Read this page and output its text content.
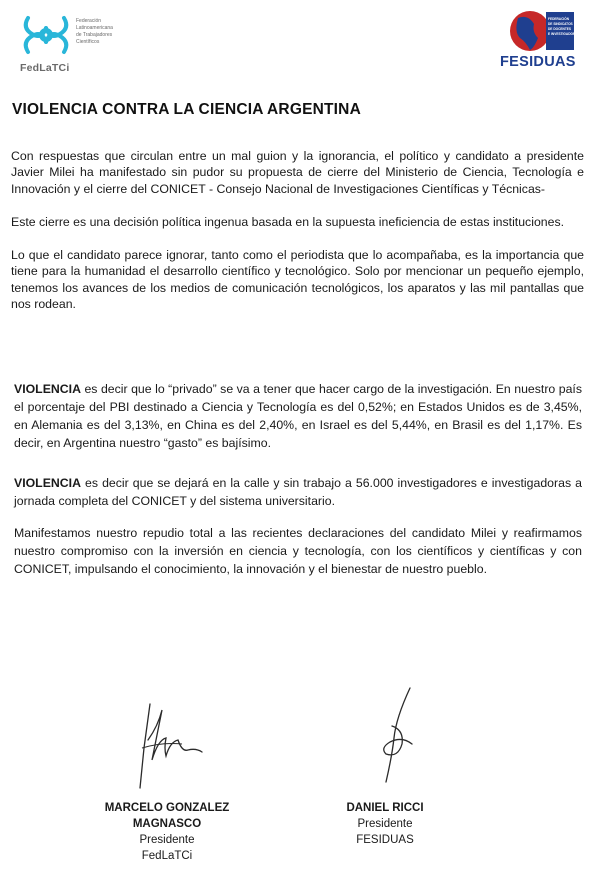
Federación
Latinoamericana
de Trabajadores
Científicos
FedLaTCi
FEDERACIÓN
DE SINDICATOS
DE DOCENTES
E INVESTIGADORES
FESIDUAS
VIOLENCIA CONTRA LA CIENCIA ARGENTINA

Con respuestas que circulan entre un mal guion y la ignorancia, el político y candidato a presidente Javier Milei ha manifestado sin pudor su propuesta de cierre del Ministerio de Ciencia, Tecnología e Innovación y el cierre del CONICET - Consejo Nacional de Investigaciones Científicas y Técnicas-

Este cierre es una decisión política ingenua basada en la supuesta ineficiencia de estas instituciones.

Lo que el candidato parece ignorar, tanto como el periodista que lo acompañaba, es la importancia que tiene para la humanidad el desarrollo científico y tecnológico. Solo por mencionar un pequeño ejemplo, tenemos los avances de los medios de comunicación tecnológicos, los aparatos y las mil pantallas que nos rodean.

VIOLENCIA es decir que lo “privado” se va a tener que hacer cargo de la investigación. En nuestro país el porcentaje del PBI destinado a Ciencia y Tecnología es del 0,52%; en Estados Unidos es de 3,45%, en Alemania es del 3,13%, en China es del 2,40%, en Israel es del 5,44%, en Brasil es del 1,17%. Es decir, en Argentina nuestro “gasto” es bajísimo.

VIOLENCIA es decir que se dejará en la calle y sin trabajo a 56.000 investigadores e investigadoras a jornada completa del CONICET y del sistema universitario.

Manifestamos nuestro repudio total a las recientes declaraciones del candidato Milei y reafirmamos nuestro compromiso con la inversión en ciencia y tecnología, con los científicos y científicas y con CONICET, impulsando el conocimiento, la innovación y el bienestar de nuestro pueblo.

MARCELO GONZALEZ
MAGNASCO
Presidente
FedLaTCi
DANIEL RICCI
Presidente
FESIDUAS
